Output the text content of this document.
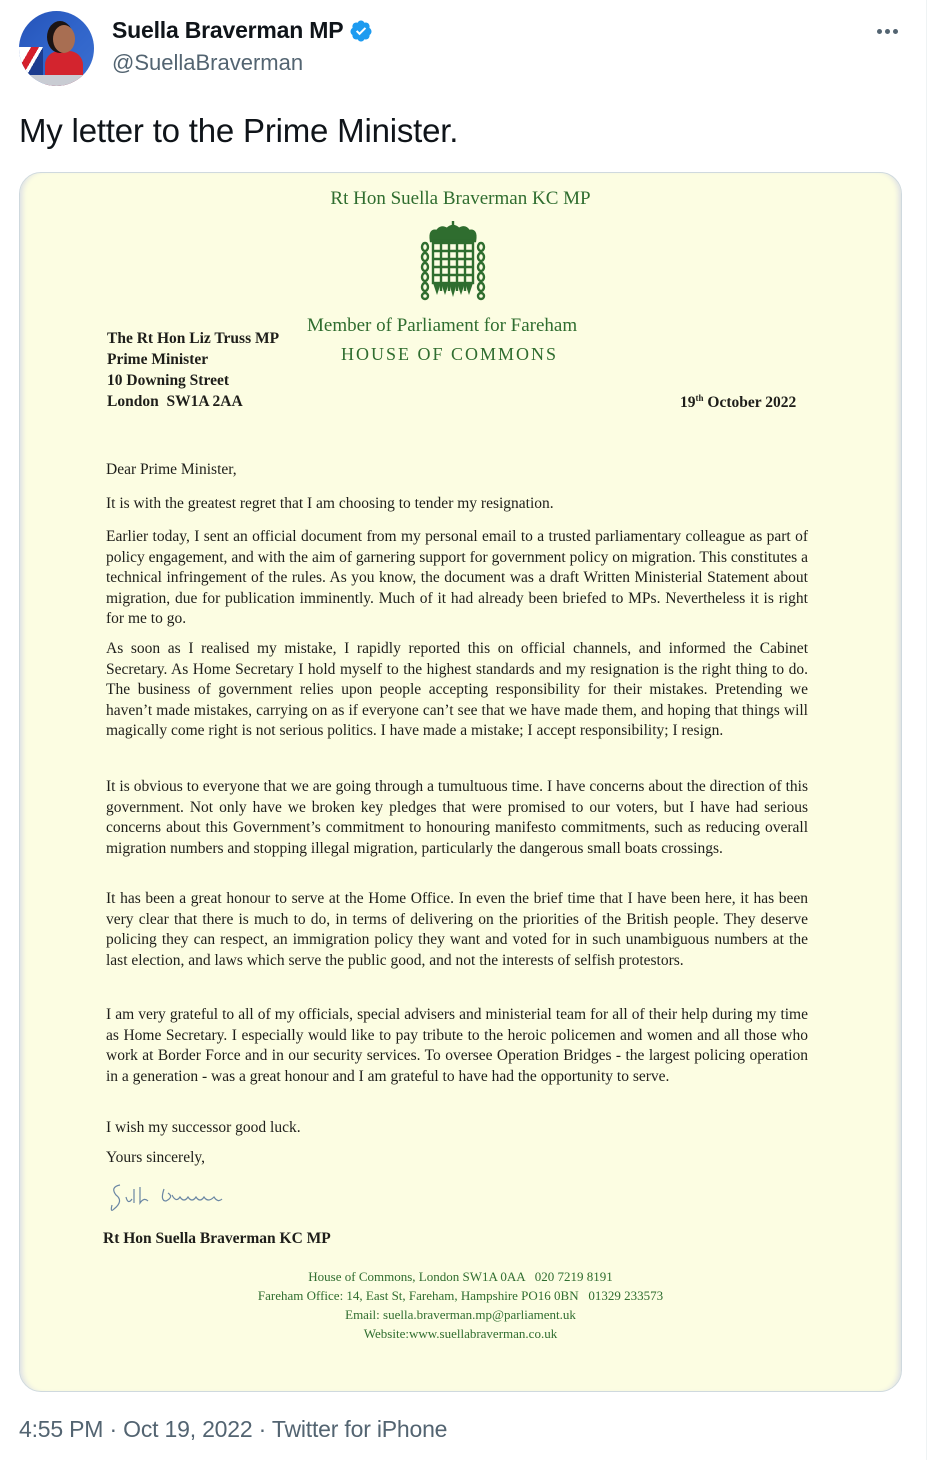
Suella Braverman MP
@SuellaBraverman
My letter to the Prime Minister.
Rt Hon Suella Braverman KC MP
Member of Parliament for Fareham
HOUSE OF COMMONS
The Rt Hon Liz Truss MP
Prime Minister
10 Downing Street
London  SW1A 2AA	19th October 2022
Dear Prime Minister,
It is with the greatest regret that I am choosing to tender my resignation.
Earlier today, I sent an official document from my personal email to a trusted parliamentary colleague as part of policy engagement, and with the aim of garnering support for government policy on migration. This constitutes a technical infringement of the rules. As you know, the document was a draft Written Ministerial Statement about migration, due for publication imminently. Much of it had already been briefed to MPs. Nevertheless it is right for me to go.
As soon as I realised my mistake, I rapidly reported this on official channels, and informed the Cabinet Secretary. As Home Secretary I hold myself to the highest standards and my resignation is the right thing to do. The business of government relies upon people accepting responsibility for their mistakes. Pretending we haven’t made mistakes, carrying on as if everyone can’t see that we have made them, and hoping that things will magically come right is not serious politics. I have made a mistake; I accept responsibility; I resign.
It is obvious to everyone that we are going through a tumultuous time. I have concerns about the direction of this government. Not only have we broken key pledges that were promised to our voters, but I have had serious concerns about this Government’s commitment to honouring manifesto commitments, such as reducing overall migration numbers and stopping illegal migration, particularly the dangerous small boats crossings.
It has been a great honour to serve at the Home Office. In even the brief time that I have been here, it has been very clear that there is much to do, in terms of delivering on the priorities of the British people. They deserve policing they can respect, an immigration policy they want and voted for in such unambiguous numbers at the last election, and laws which serve the public good, and not the interests of selfish protestors.
I am very grateful to all of my officials, special advisers and ministerial team for all of their help during my time as Home Secretary. I especially would like to pay tribute to the heroic policemen and women and all those who work at Border Force and in our security services. To oversee Operation Bridges - the largest policing operation in a generation - was a great honour and I am grateful to have had the opportunity to serve.
I wish my successor good luck.
Yours sincerely,
Rt Hon Suella Braverman KC MP
House of Commons, London SW1A 0AA   020 7219 8191
Fareham Office: 14, East St, Fareham, Hampshire PO16 0BN   01329 233573
Email: suella.braverman.mp@parliament.uk
Website:www.suellabraverman.co.uk
4:55 PM · Oct 19, 2022 · Twitter for iPhone
